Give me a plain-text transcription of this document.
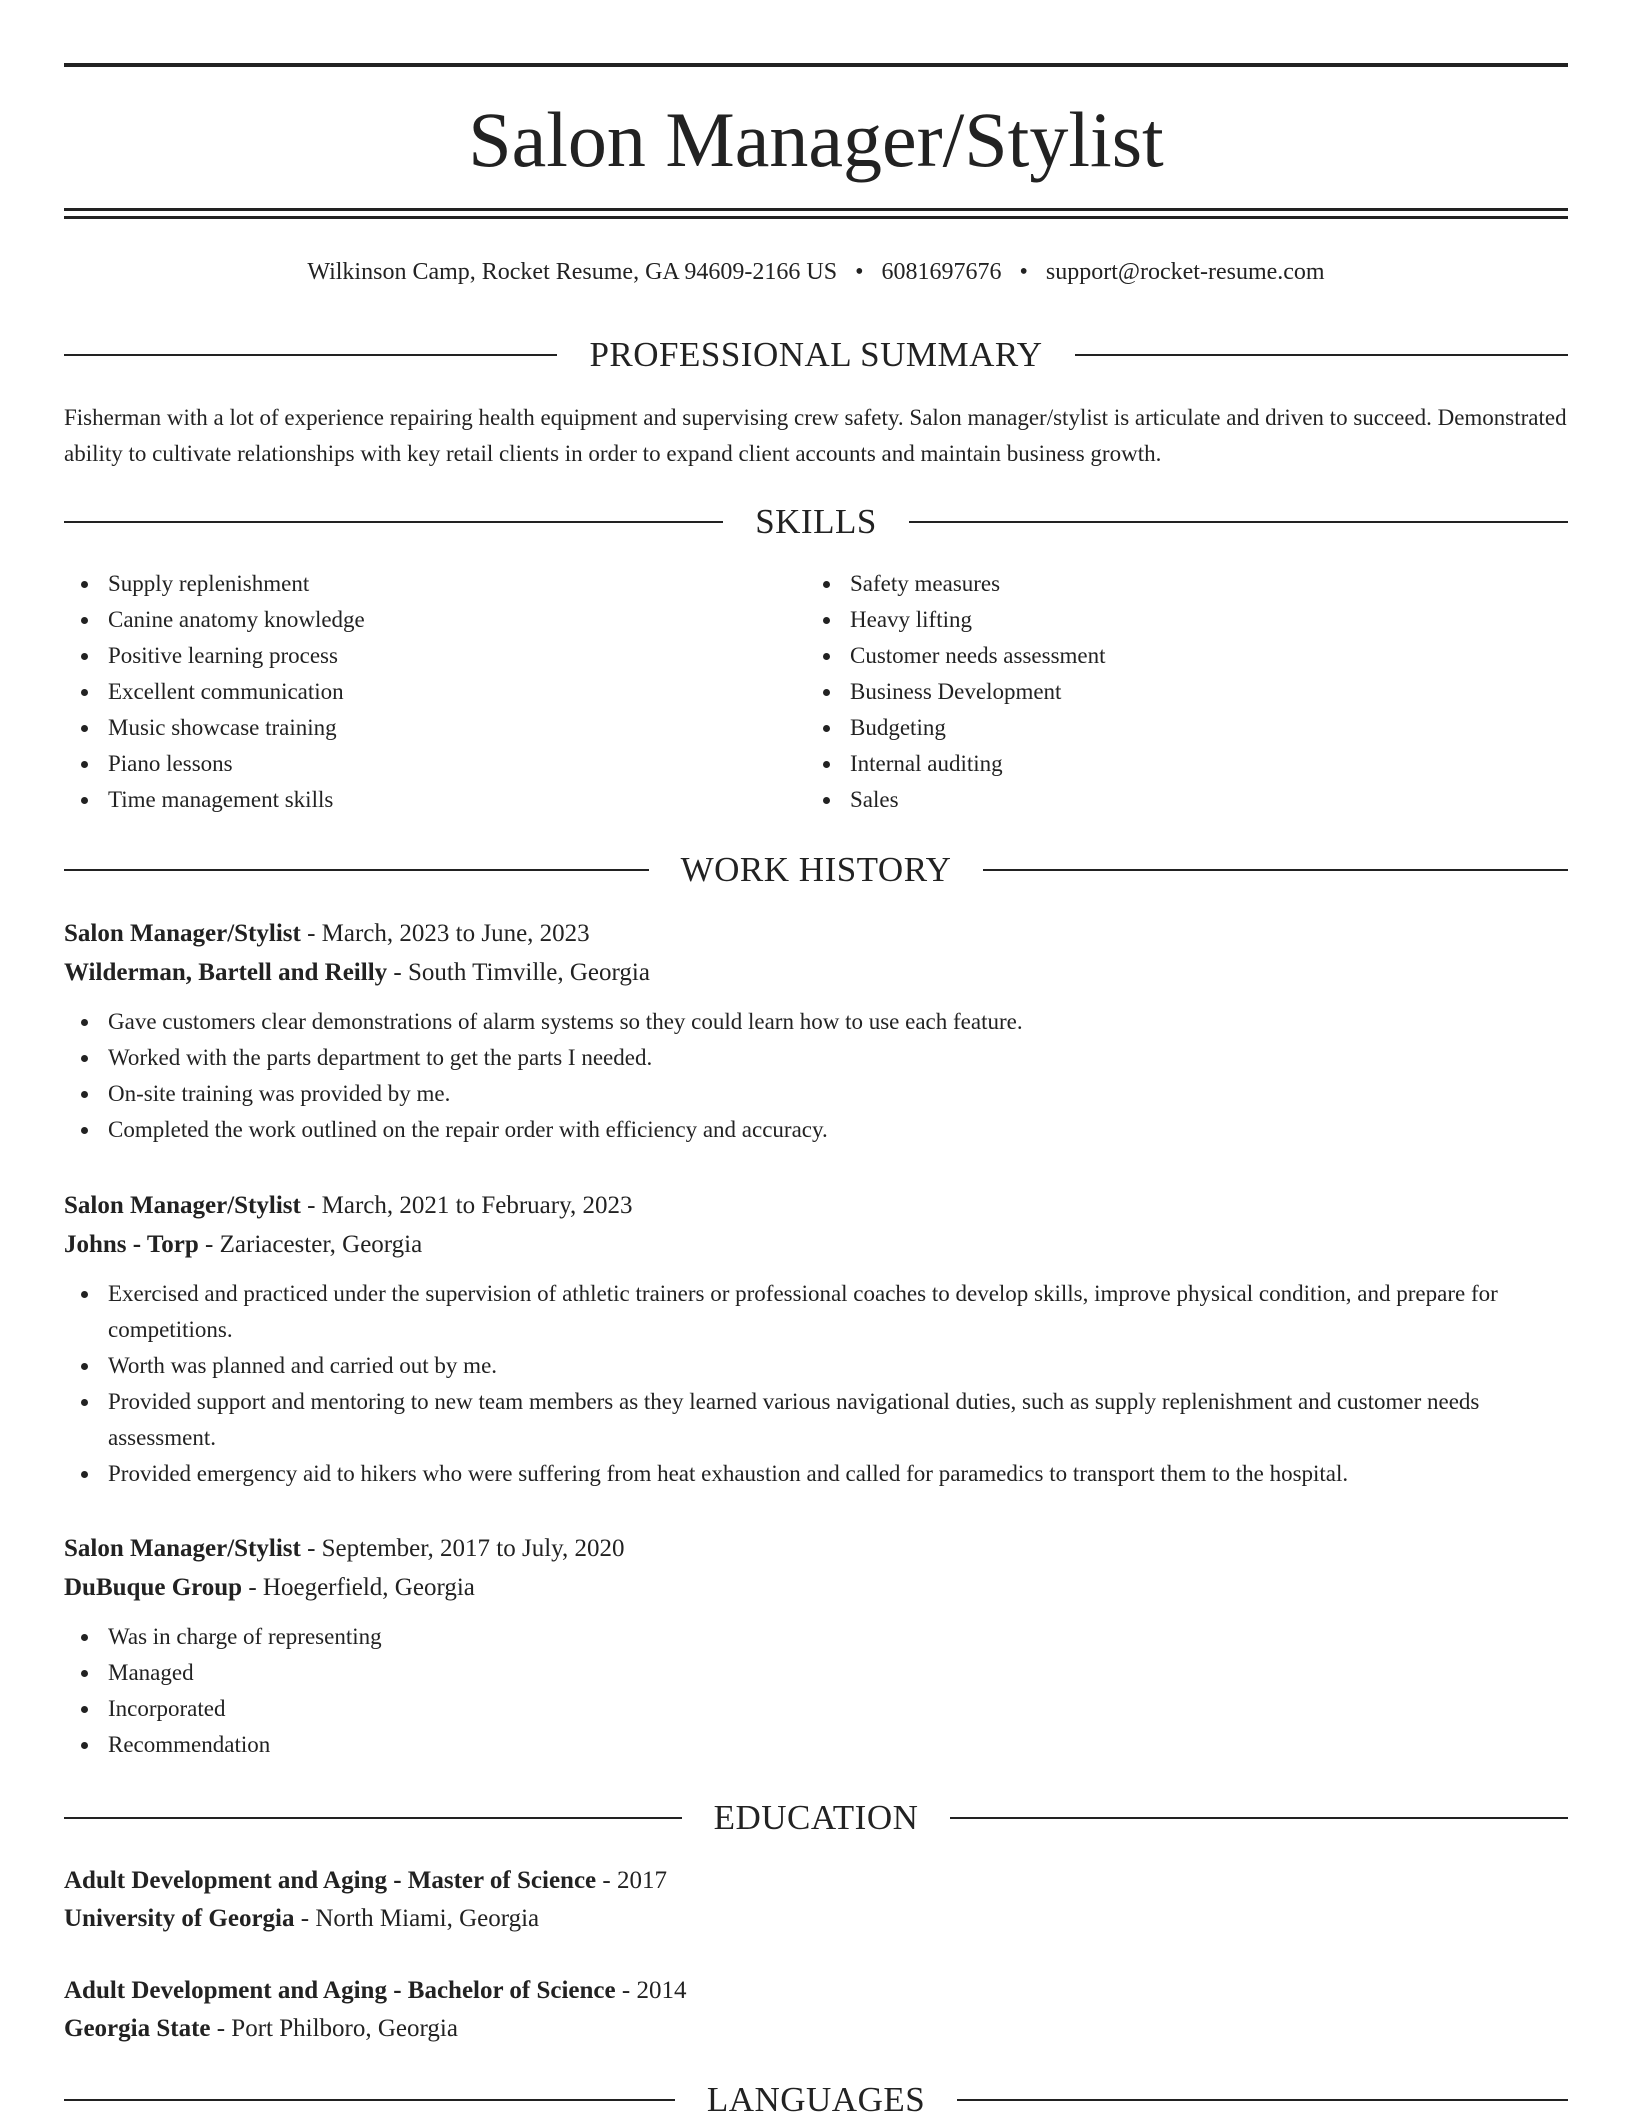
Salon Manager/Stylist
Wilkinson Camp, Rocket Resume, GA 94609-2166 US • 6081697676 • support@rocket-resume.com
PROFESSIONAL SUMMARY

Fisherman with a lot of experience repairing health equipment and supervising crew safety. Salon manager/stylist is articulate and driven to succeed. Demonstrated ability to cultivate relationships with key retail clients in order to expand client accounts and maintain business growth.

SKILLS
Supply replenishment
Canine anatomy knowledge
Positive learning process
Excellent communication
Music showcase training
Piano lessons
Time management skills
Safety measures
Heavy lifting
Customer needs assessment
Business Development
Budgeting
Internal auditing
Sales
WORK HISTORY
Salon Manager/Stylist - March, 2023 to June, 2023
Wilderman, Bartell and Reilly - South Timville, Georgia
Gave customers clear demonstrations of alarm systems so they could learn how to use each feature.
Worked with the parts department to get the parts I needed.
On-site training was provided by me.
Completed the work outlined on the repair order with efficiency and accuracy.
Salon Manager/Stylist - March, 2021 to February, 2023
Johns - Torp - Zariacester, Georgia
Exercised and practiced under the supervision of athletic trainers or professional coaches to develop skills, improve physical condition, and prepare for competitions.
Worth was planned and carried out by me.
Provided support and mentoring to new team members as they learned various navigational duties, such as supply replenishment and customer needs assessment.
Provided emergency aid to hikers who were suffering from heat exhaustion and called for paramedics to transport them to the hospital.
Salon Manager/Stylist - September, 2017 to July, 2020
DuBuque Group - Hoegerfield, Georgia
Was in charge of representing
Managed
Incorporated
Recommendation
EDUCATION
Adult Development and Aging - Master of Science - 2017
University of Georgia - North Miami, Georgia
Adult Development and Aging - Bachelor of Science - 2014
Georgia State - Port Philboro, Georgia
LANGUAGES
